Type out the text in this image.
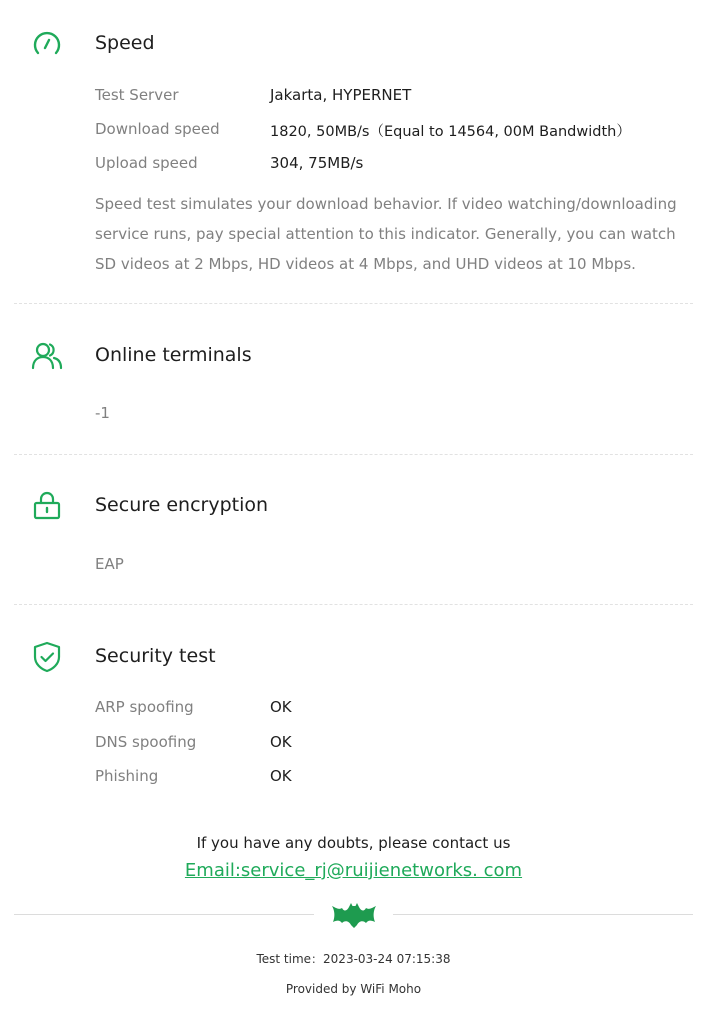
Speed
Test Server	Jakarta, HYPERNET
Download speed	1820, 50MB/s（Equal to 14564, 00M Bandwidth）
Upload speed	304, 75MB/s
Speed test simulates your download behavior. If video watching/downloading service runs, pay special attention to this indicator. Generally, you can watch SD videos at 2 Mbps, HD videos at 4 Mbps, and UHD videos at 10 Mbps.
Online terminals
-1
Secure encryption
EAP
Security test
ARP spoofing	OK
DNS spoofing	OK
Phishing	OK
If you have any doubts, please contact us
Email:service_rj@ruijienetworks. com
Test time：2023-03-24 07:15:38
Provided by WiFi Moho
